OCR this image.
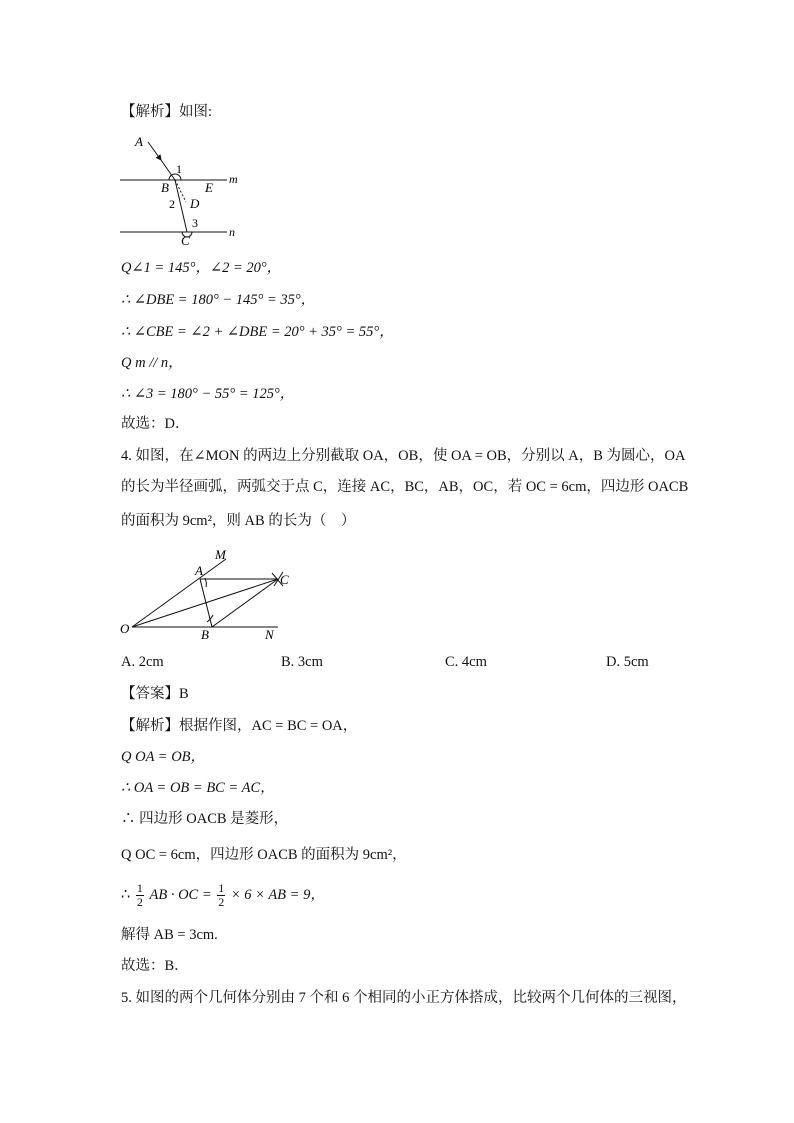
【解析】如图:
A
1
m
B	E
2 D
3
C
n
Q∠1 = 145°，∠2 = 20°，
∴ ∠DBE = 180° − 145° = 35°，
∴ ∠CBE = ∠2 + ∠DBE = 20° + 35° = 55°，
Q m // n，
∴ ∠3 = 180° − 55° = 125°，
故选：D．
4. 如图，在∠MON 的两边上分别截取 OA，OB，使 OA = OB，分别以 A，B 为圆心，OA
的长为半径画弧，两弧交于点 C，连接 AC，BC，AB，OC，若 OC = 6cm，四边形 OACB
的面积为 9cm²，则 AB 的长为（　）
M
A
C
O	B	N
A. 2cm	B. 3cm	C. 4cm	D. 5cm
【答案】B
【解析】根据作图，AC = BC = OA，
Q OA = OB，
∴ OA = OB = BC = AC，
∴ 四边形 OACB 是菱形，
Q OC = 6cm，四边形 OACB 的面积为 9cm²，
∴ $\frac{1}{2}$ AB · OC = $\frac{1}{2} \times 6$ × AB = 9，
解得 AB = 3cm.
故选：B．
5. 如图的两个几何体分别由 7 个和 6 个相同的小正方体搭成，比较两个几何体的三视图，
